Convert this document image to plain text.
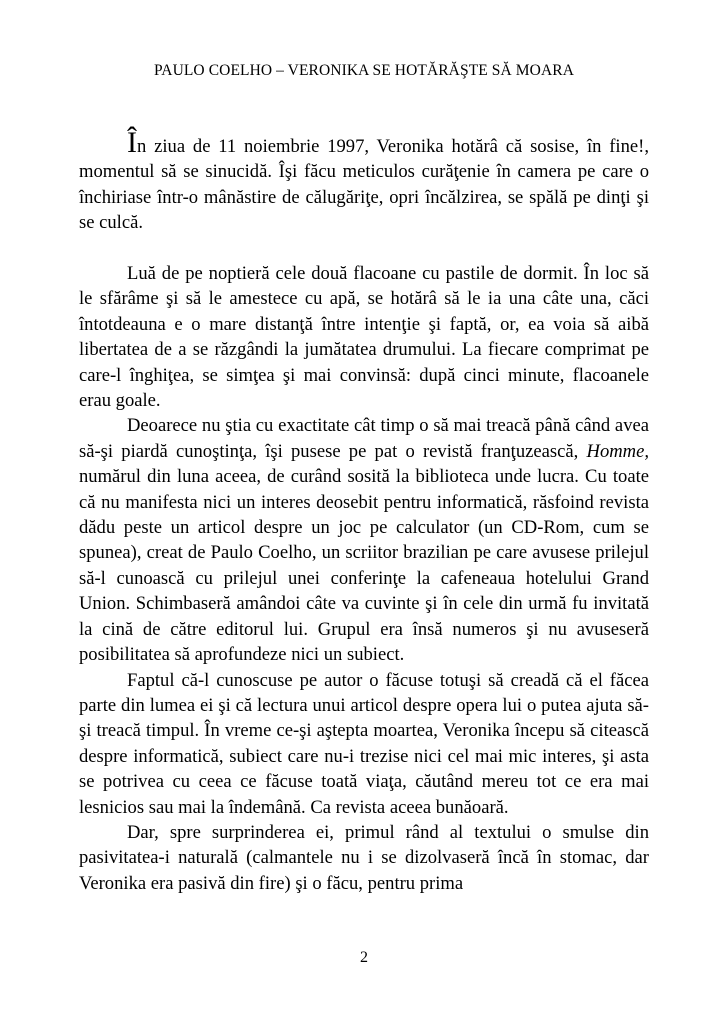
PAULO COELHO – VERONIKA SE HOTĂRĂŞTE SĂ MOARA

În ziua de 11 noiembrie 1997, Veronika hotărâ că sosise, în fine!, momentul să se sinucidă. Îşi făcu meticulos curăţenie în camera pe care o închiriase într-o mânăstire de călugăriţe, opri încălzirea, se spălă pe dinţi şi se culcă.

Luă de pe noptieră cele două flacoane cu pastile de dormit. În loc să le sfărâme şi să le amestece cu apă, se hotărâ să le ia una câte una, căci întotdeauna e o mare distanţă între intenţie şi faptă, or, ea voia să aibă libertatea de a se răzgândi la jumătatea drumului. La fiecare comprimat pe care-l înghiţea, se simţea şi mai convinsă: după cinci minute, flacoanele erau goale.

Deoarece nu ştia cu exactitate cât timp o să mai treacă până când avea să-şi piardă cunoştinţa, îşi pusese pe pat o revistă franţuzească, Homme, numărul din luna aceea, de curând sosită la biblioteca unde lucra. Cu toate că nu manifesta nici un interes deosebit pentru informatică, răsfoind revista dădu peste un articol despre un joc pe calculator (un CD-Rom, cum se spunea), creat de Paulo Coelho, un scriitor brazilian pe care avusese prilejul să-l cunoască cu prilejul unei conferinţe la cafeneaua hotelului Grand Union. Schimbaseră amândoi câte va cuvinte şi în cele din urmă fu invitată la cină de către editorul lui. Grupul era însă numeros şi nu avuseseră posibilitatea să aprofundeze nici un subiect.

Faptul că-l cunoscuse pe autor o făcuse totuşi să creadă că el făcea parte din lumea ei şi că lectura unui articol despre opera lui o putea ajuta să-şi treacă timpul. În vreme ce-şi aştepta moartea, Veronika începu să citească despre informatică, subiect care nu-i trezise nici cel mai mic interes, şi asta se potrivea cu ceea ce făcuse toată viaţa, căutând mereu tot ce era mai lesnicios sau mai la îndemână. Ca revista aceea bunăoară.

Dar, spre surprinderea ei, primul rând al textului o smulse din pasivitatea-i naturală (calmantele nu i se dizolvaseră încă în stomac, dar Veronika era pasivă din fire) şi o făcu, pentru prima

2
